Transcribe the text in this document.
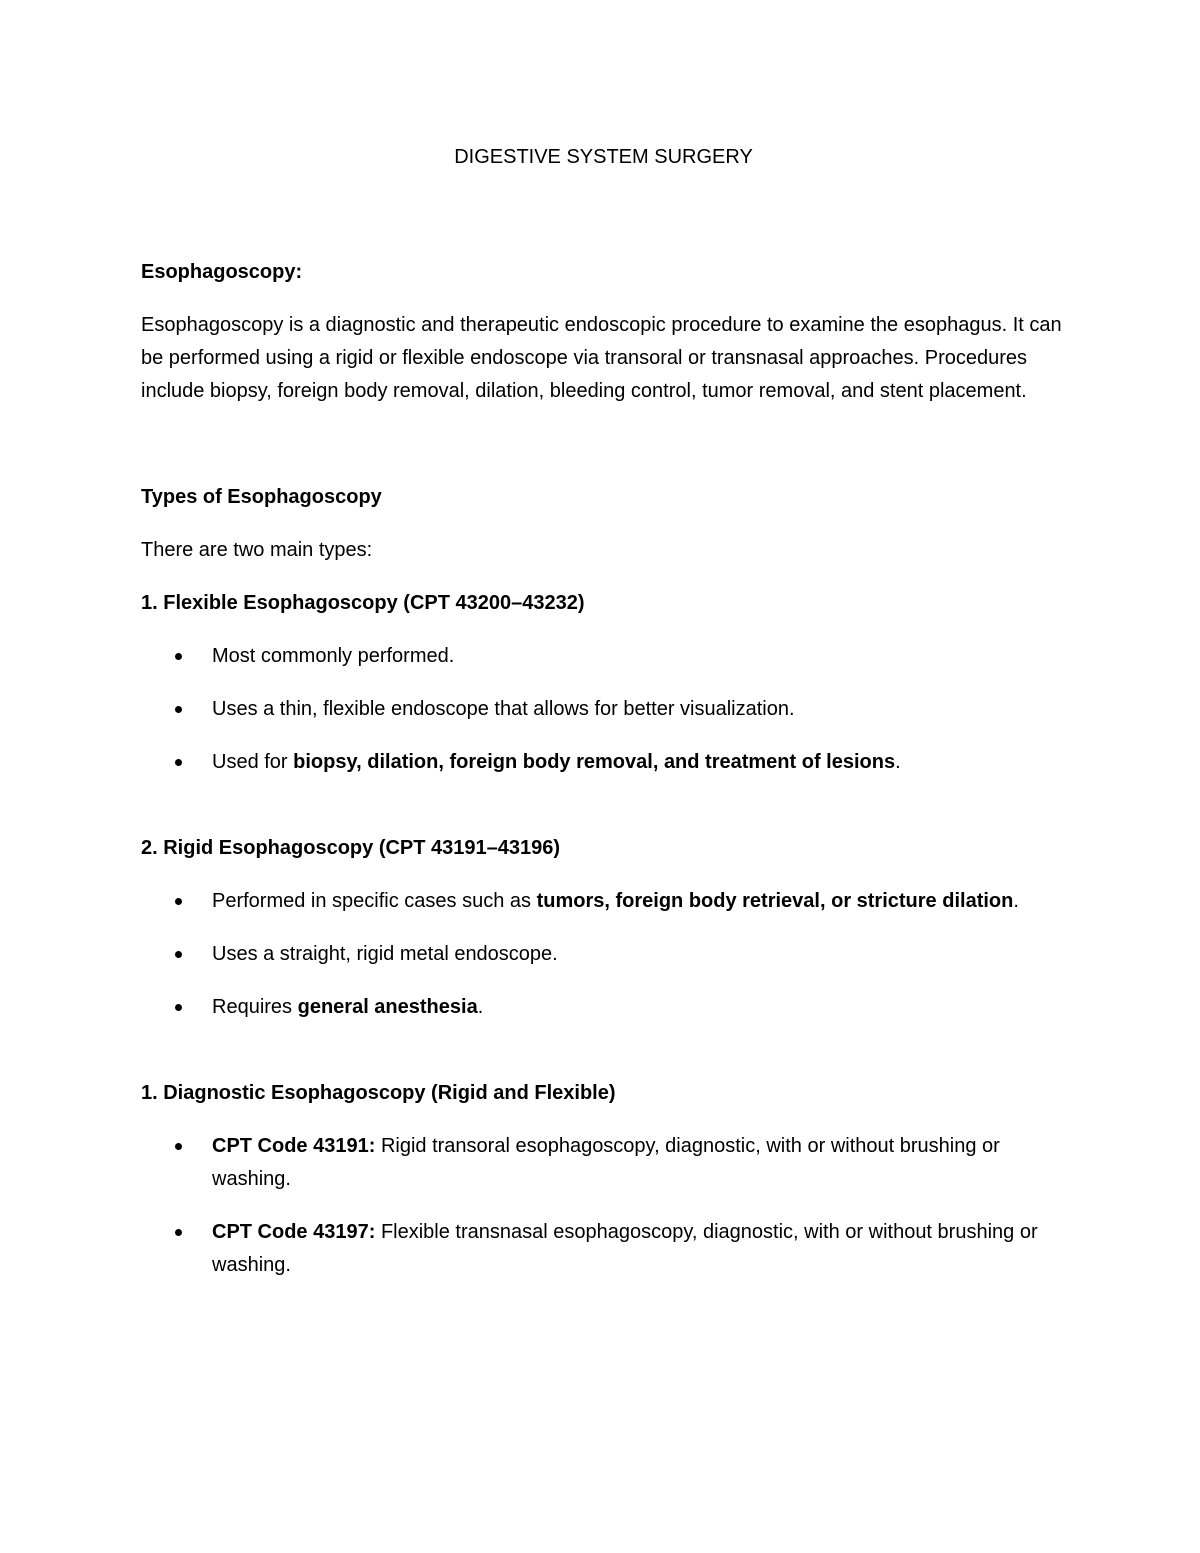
DIGESTIVE SYSTEM SURGERY
Esophagoscopy:
Esophagoscopy is a diagnostic and therapeutic endoscopic procedure to examine the esophagus. It can be performed using a rigid or flexible endoscope via transoral or transnasal approaches. Procedures include biopsy, foreign body removal, dilation, bleeding control, tumor removal, and stent placement.
Types of Esophagoscopy
There are two main types:
1. Flexible Esophagoscopy (CPT 43200–43232)
Most commonly performed.
Uses a thin, flexible endoscope that allows for better visualization.
Used for biopsy, dilation, foreign body removal, and treatment of lesions.
2. Rigid Esophagoscopy (CPT 43191–43196)
Performed in specific cases such as tumors, foreign body retrieval, or stricture dilation.
Uses a straight, rigid metal endoscope.
Requires general anesthesia.
1. Diagnostic Esophagoscopy (Rigid and Flexible)
CPT Code 43191: Rigid transoral esophagoscopy, diagnostic, with or without brushing or washing.
CPT Code 43197: Flexible transnasal esophagoscopy, diagnostic, with or without brushing or washing.
